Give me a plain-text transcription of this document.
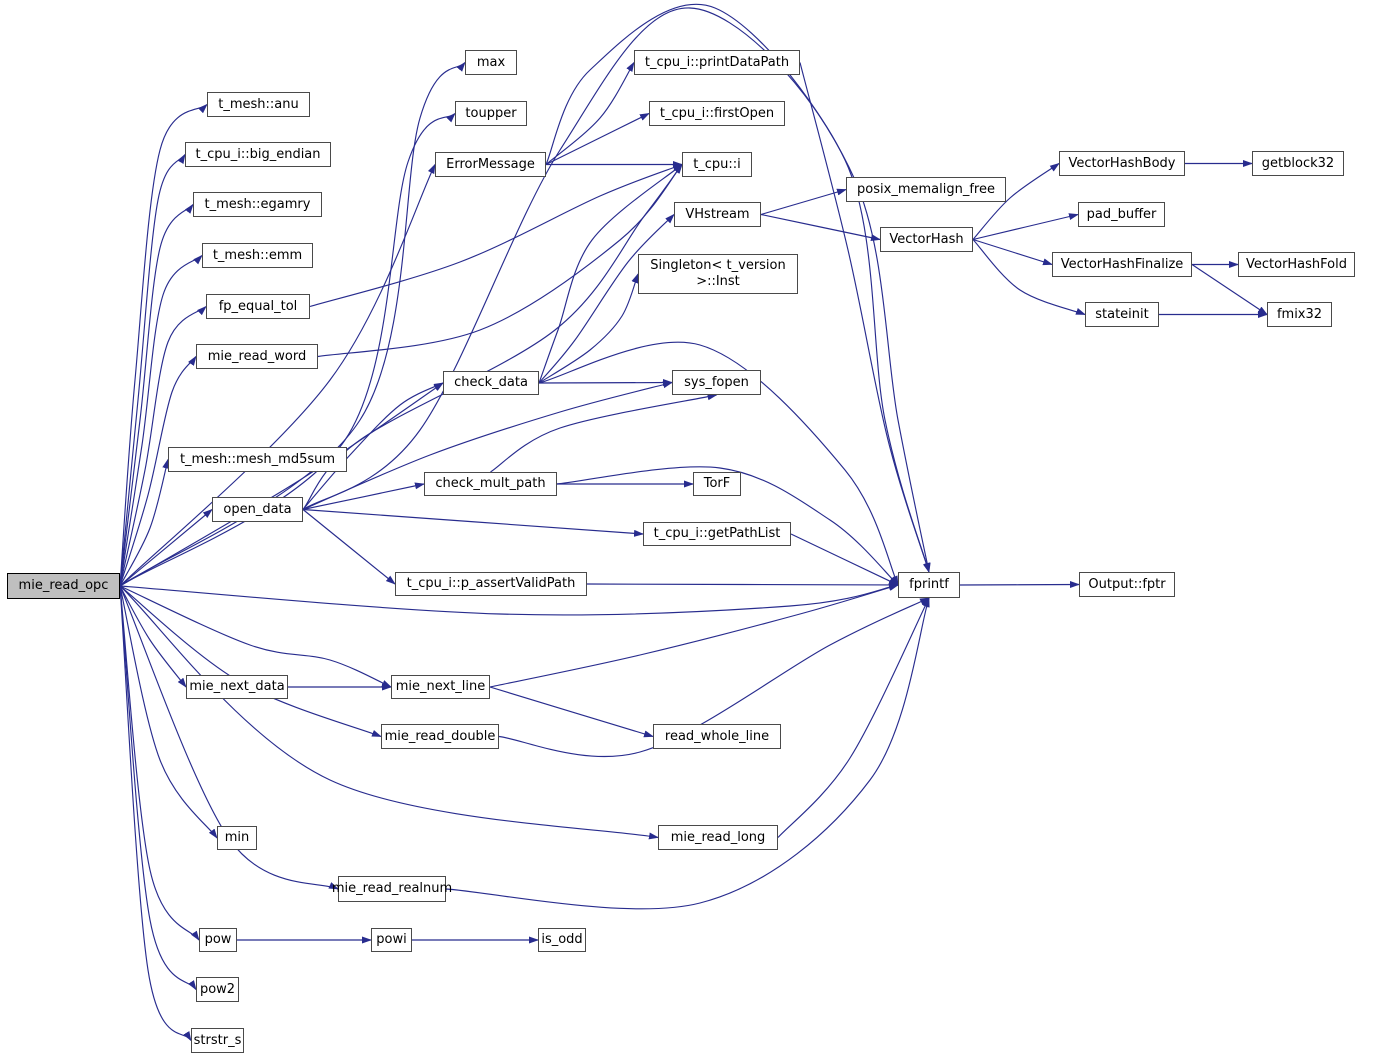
mie_read_opc
t_mesh::anu
t_cpu_i::big_endian
t_mesh::egamry
t_mesh::emm
fp_equal_tol
mie_read_word
t_mesh::mesh_md5sum
open_data
max
toupper
ErrorMessage
t_cpu_i::printDataPath
t_cpu_i::firstOpen
t_cpu::i
VHstream
Singleton< t_version >::Inst
check_data	sys_fopen
check_mult_path	TorF
t_cpu_i::getPathList
t_cpu_i::p_assertValidPath	fprintf
posix_memalign_free
VectorHash
VectorHashBody	getblock32
pad_buffer
VectorHashFinalize	VectorHashFold
stateinit	fmix32
Output::fptr
mie_next_data	mie_next_line
read_whole_line
mie_read_double
min	mie_read_long
mie_read_realnum
pow	powi	is_odd
pow2
strstr_s
